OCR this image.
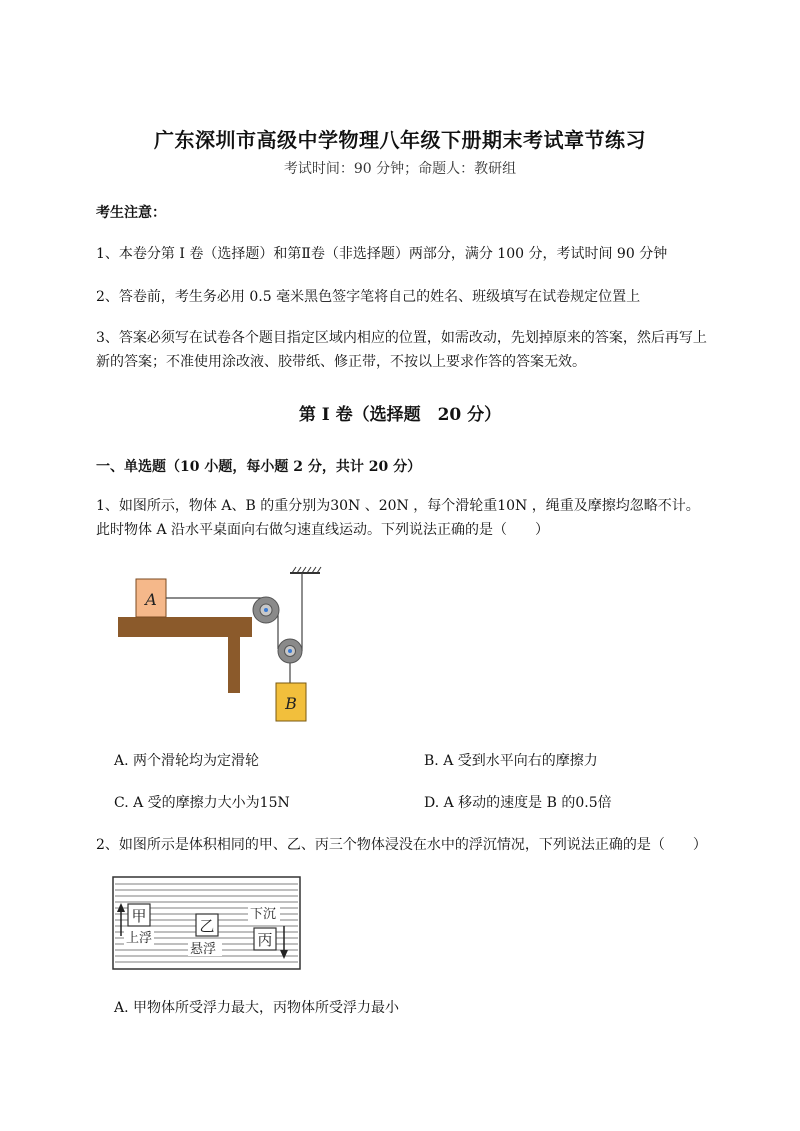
广东深圳市高级中学物理八年级下册期末考试章节练习
考试时间：90 分钟；命题人：教研组
考生注意：
1、本卷分第 I 卷（选择题）和第Ⅱ卷（非选择题）两部分，满分 100 分，考试时间 90 分钟
2、答卷前，考生务必用 0.5 毫米黑色签字笔将自己的姓名、班级填写在试卷规定位置上
3、答案必须写在试卷各个题目指定区域内相应的位置，如需改动，先划掉原来的答案，然后再写上新的答案；不准使用涂改液、胶带纸、修正带，不按以上要求作答的答案无效。
第 I 卷（选择题　20 分）
一、单选题（10 小题，每小题 2 分，共计 20 分）
1、如图所示，物体 A、B 的重分别为30N 、20N ，每个滑轮重10N ，绳重及摩擦均忽略不计。此时物体 A 沿水平桌面向右做匀速直线运动。下列说法正确的是（　　）
A
B
A. 两个滑轮均为定滑轮	B. A 受到水平向右的摩擦力
C. A 受的摩擦力大小为15N	D. A 移动的速度是 B 的0.5倍
2、如图所示是体积相同的甲、乙、丙三个物体浸没在水中的浮沉情况，下列说法正确的是（　　）
甲
上浮
乙
悬浮
下沉
丙
A. 甲物体所受浮力最大，丙物体所受浮力最小
